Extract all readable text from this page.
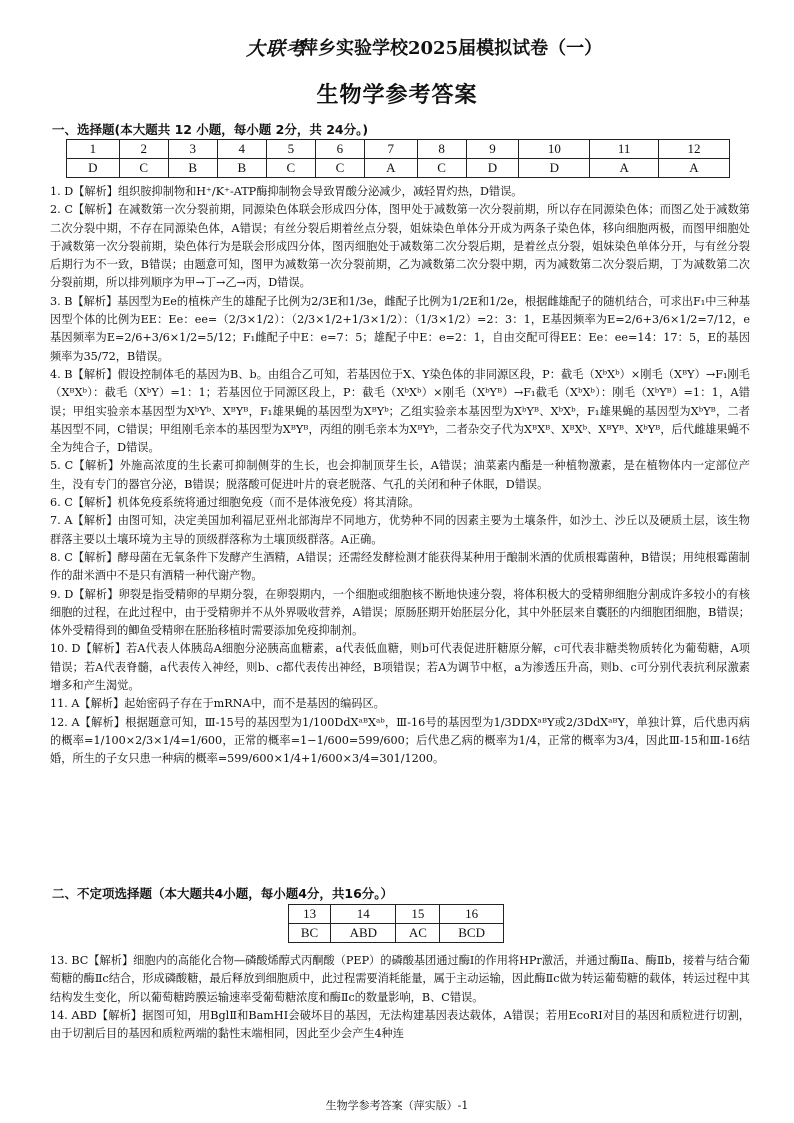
大联考
萍乡实验学校2025届模拟试卷（一）
生物学参考答案
一、选择题(本大题共 12 小题，每小题 2分，共 24分。)
1	2	3	4	5	6	7	8	9	10	11	12
D	C	B	B	C	C	A	C	D	D	A	A

1. D【解析】组织胺抑制物和H⁺/K⁺-ATP酶抑制物会导致胃酸分泌减少，减轻胃灼热，D错误。

2. C【解析】在减数第一次分裂前期，同源染色体联会形成四分体，图甲处于减数第一次分裂前期，所以存在同源染色体；而图乙处于减数第二次分裂中期，不存在同源染色体，A错误；有丝分裂后期着丝点分裂，姐妹染色单体分开成为两条子染色体，移向细胞两极，而图甲细胞处于减数第一次分裂前期，染色体行为是联会形成四分体，图丙细胞处于减数第二次分裂后期，是着丝点分裂，姐妹染色单体分开，与有丝分裂后期行为不一致，B错误；由题意可知，图甲为减数第一次分裂前期，乙为减数第二次分裂中期，丙为减数第二次分裂后期，丁为减数第二次分裂前期，所以排列顺序为甲→丁→乙→丙，D错误。

3. B【解析】基因型为Ee的植株产生的雄配子比例为2/3E和1/3e，雌配子比例为1/2E和1/2e，根据雌雄配子的随机结合，可求出F₁中三种基因型个体的比例为EE：Ee：ee=（2/3×1/2）：（2/3×1/2+1/3×1/2）：（1/3×1/2）=2：3：1，E基因频率为E=2/6+3/6×1/2=7/12，e基因频率为E=2/6+3/6×1/2=5/12；F₁雌配子中E：e=7：5；雄配子中E：e=2：1，自由交配可得EE：Ee：ee=14：17：5，E的基因频率为35/72，B错误。

4. B【解析】假设控制体毛的基因为B、b。由组合乙可知，若基因位于X、Y染色体的非同源区段，P：截毛（XᵇXᵇ）×刚毛（XᴮY）→F₁刚毛（XᴮXᵇ）：截毛（XᵇY）=1：1；若基因位于同源区段上，P：截毛（XᵇXᵇ）×刚毛（XᵇYᴮ）→F₁截毛（XᵇXᵇ）：刚毛（XᵇYᴮ）=1：1，A错误；甲组实验亲本基因型为XᵇYᵇ、XᴮYᴮ，F₁雄果蝇的基因型为XᴮYᵇ；乙组实验亲本基因型为XᵇYᴮ、XᵇXᵇ，F₁雄果蝇的基因型为XᵇYᴮ，二者基因型不同，C错误；甲组刚毛亲本的基因型为XᴮYᴮ，丙组的刚毛亲本为XᴮYᵇ，二者杂交子代为XᴮXᴮ、XᴮXᵇ、XᴮYᴮ、XᵇYᴮ，后代雌雄果蝇不全为纯合子，D错误。

5. C【解析】外施高浓度的生长素可抑制侧芽的生长，也会抑制顶芽生长，A错误；油菜素内酯是一种植物激素，是在植物体内一定部位产生，没有专门的器官分泌，B错误；脱落酸可促进叶片的衰老脱落、气孔的关闭和种子休眠，D错误。

6. C【解析】机体免疫系统将通过细胞免疫（而不是体液免疫）将其清除。

7. A【解析】由图可知，决定美国加利福尼亚州北部海岸不同地方，优势种不同的因素主要为土壤条件，如沙土、沙丘以及硬质土层，该生物群落主要以土壤环境为主导的顶级群落称为土壤顶级群落。A正确。

8. C【解析】酵母菌在无氧条件下发酵产生酒精，A错误；还需经发酵检测才能获得某种用于酿制米酒的优质根霉菌种，B错误；用纯根霉菌制作的甜米酒中不是只有酒精一种代谢产物。

9. D【解析】卵裂是指受精卵的早期分裂，在卵裂期内，一个细胞或细胞核不断地快速分裂，将体积极大的受精卵细胞分割成许多较小的有核细胞的过程，在此过程中，由于受精卵并不从外界吸收营养，A错误；原肠胚期开始胚层分化，其中外胚层来自囊胚的内细胞团细胞，B错误；体外受精得到的鲫鱼受精卵在胚胎移植时需要添加免疫抑制剂。

10. D【解析】若A代表人体胰岛A细胞分泌胰高血糖素，a代表低血糖，则b可代表促进肝糖原分解，c可代表非糖类物质转化为葡萄糖，A项错误；若A代表脊髓，a代表传入神经，则b、c都代表传出神经，B项错误；若A为调节中枢，a为渗透压升高，则b、c可分别代表抗利尿激素增多和产生渴觉。

11. A【解析】起始密码子存在于mRNA中，而不是基因的编码区。

12. A【解析】根据题意可知，Ⅲ-15号的基因型为1/100DdXᵃᴮXᵃᵇ，Ⅲ-16号的基因型为1/3DDXᵃᴮY或2/3DdXᵃᴮY，单独计算，后代患丙病的概率=1/100×2/3×1/4=1/600，正常的概率=1−1/600=599/600；后代患乙病的概率为1/4，正常的概率为3/4，因此Ⅲ-15和Ⅲ-16结婚，所生的子女只患一种病的概率=599/600×1/4+1/600×3/4=301/1200。

二、不定项选择题（本大题共4小题，每小题4分，共16分。）
13	14	15	16
BC	ABD	AC	BCD

13. BC【解析】细胞内的高能化合物—磷酸烯醇式丙酮酸（PEP）的磷酸基团通过酶Ⅰ的作用将HPr激活，并通过酶Ⅱa、酶Ⅱb，接着与结合葡萄糖的酶Ⅱc结合，形成磷酸糖，最后释放到细胞质中，此过程需要消耗能量，属于主动运输，因此酶Ⅱc做为转运葡萄糖的载体，转运过程中其结构发生变化，所以葡萄糖跨膜运输速率受葡萄糖浓度和酶Ⅱc的数量影响，B、C错误。

14. ABD【解析】据图可知，用BglⅡ和BamHⅠ会破坏目的基因，无法构建基因表达载体，A错误；若用EcoRⅠ对目的基因和质粒进行切割，由于切割后目的基因和质粒两端的黏性末端相同，因此至少会产生4种连

生物学参考答案（萍实版）-1
